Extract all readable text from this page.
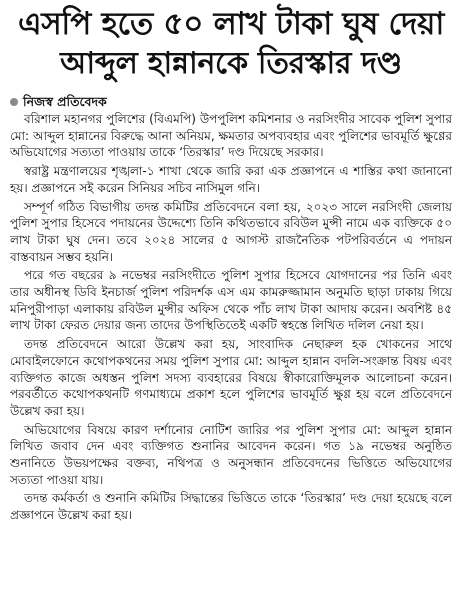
এসপি হতে ৫০ লাখ টাকা ঘুষ দেয়া
আব্দুল হান্নানকে তিরস্কার দণ্ড
নিজস্ব প্রতিবেদক

বরিশাল মহানগর পুলিশের (বিএমপি) উপপুলিশ কমিশনার ও নরসিংদীর সাবেক পুলিশ সুপার মো: আব্দুল হান্নানের বিরুদ্ধে আনা অনিয়ম, ক্ষমতার অপব্যবহার এবং পুলিশের ভাবমূর্তি ক্ষুণ্ণের অভিযোগের সত্যতা পাওয়ায় তাকে ‘তিরস্কার’ দণ্ড দিয়েছে সরকার।

স্বরাষ্ট্র মন্ত্রণালয়ের শৃঙ্খলা-১ শাখা থেকে জারি করা এক প্রজ্ঞাপনে এ শাস্তির কথা জানানো হয়। প্রজ্ঞাপনে সই করেন সিনিয়র সচিব নাসিমুল গনি।

সম্পূর্ণ গঠিত বিভাগীয় তদন্ত কমিটির প্রতিবেদনে বলা হয়, ২০২৩ সালে নরসিংদী জেলায় পুলিশ সুপার হিসেবে পদায়নের উদ্দেশ্যে তিনি কথিতভাবে রবিউল মুন্সী নামে এক ব্যক্তিকে ৫০ লাখ টাকা ঘুষ দেন। তবে ২০২৪ সালের ৫ আগস্ট রাজনৈতিক পটপরিবর্তনে এ পদায়ন বাস্তবায়ন সম্ভব হয়নি।

পরে গত বছরের ৯ নভেম্বর নরসিংদীতে পুলিশ সুপার হিসেবে যোগদানের পর তিনি এবং তার অধীনস্থ ডিবি ইনচার্জ পুলিশ পরিদর্শক এস এম কামরুজ্জামান অনুমতি ছাড়া ঢাকায় গিয়ে মনিপুরীপাড়া এলাকায় রবিউল মুন্সীর অফিস থেকে পাঁচ লাখ টাকা আদায় করেন। অবশিষ্ট ৪৫ লাখ টাকা ফেরত দেয়ার জন্য তাদের উপস্থিতিতেই একটি স্বহস্তে লিখিত দলিল নেয়া হয়।

তদন্ত প্রতিবেদনে আরো উল্লেখ করা হয়, সাংবাদিক নেছারুল হক খোকনের সাথে মোবাইলফোনে কথোপকথনের সময় পুলিশ সুপার মো: আব্দুল হান্নান বদলি-সংক্রান্ত বিষয় এবং ব্যক্তিগত কাজে অধস্তন পুলিশ সদস্য ব্যবহারের বিষয়ে স্বীকারোক্তিমূলক আলোচনা করেন। পরবর্তীতে কথোপকথনটি গণমাধ্যমে প্রকাশ হলে পুলিশের ভাবমূর্তি ক্ষুণ্ণ হয় বলে প্রতিবেদনে উল্লেখ করা হয়।

অভিযোগের বিষয়ে কারণ দর্শানোর নোটিশ জারির পর পুলিশ সুপার মো: আব্দুল হান্নান লিখিত জবাব দেন এবং ব্যক্তিগত শুনানির আবেদন করেন। গত ১৯ নভেম্বর অনুষ্ঠিত শুনানিতে উভয়পক্ষের বক্তব্য, নথিপত্র ও অনুসন্ধান প্রতিবেদনের ভিত্তিতে অভিযোগের সত্যতা পাওয়া যায়।

তদন্ত কর্মকর্তা ও শুনানি কমিটির সিদ্ধান্তের ভিত্তিতে তাকে ‘তিরস্কার’ দণ্ড দেয়া হয়েছে বলে প্রজ্ঞাপনে উল্লেখ করা হয়।
